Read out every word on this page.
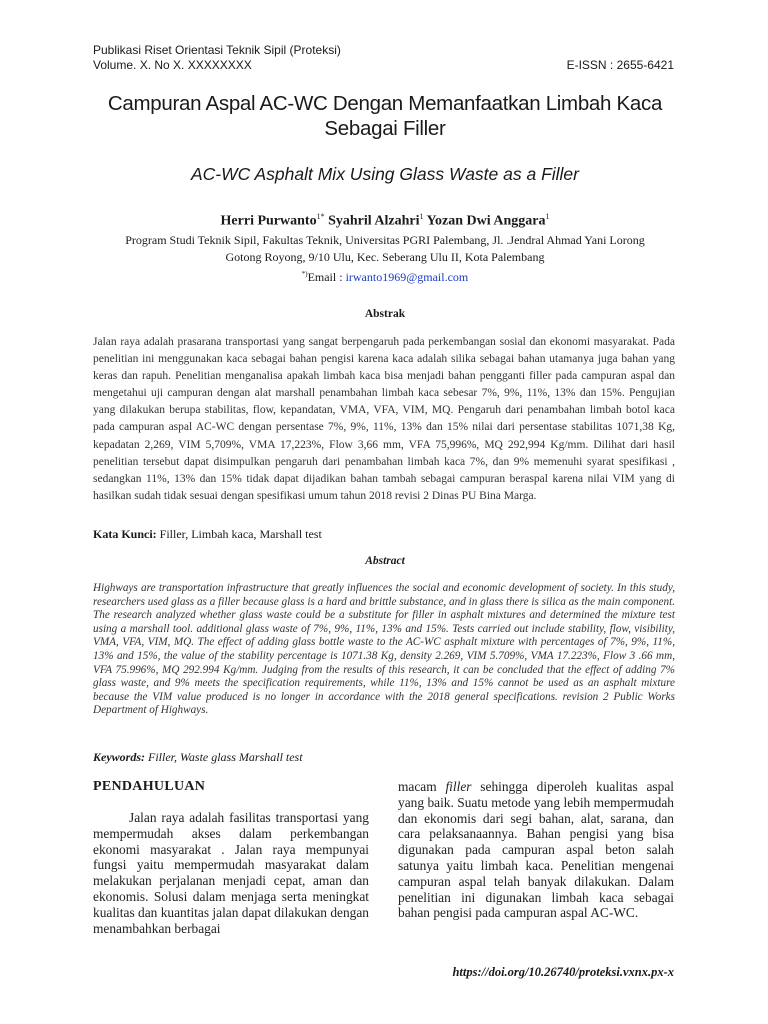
Publikasi Riset Orientasi Teknik Sipil (Proteksi)
Volume. X. No X. XXXXXXXX	E-ISSN : 2655-6421
Campuran Aspal AC-WC Dengan Memanfaatkan Limbah Kaca
Sebagai Filler
AC-WC Asphalt Mix Using Glass Waste as a Filler
Herri Purwanto$^{1*}$ Syahril Alzahri$^1$ Yozan Dwi Anggara$^1$
Program Studi Teknik Sipil, Fakultas Teknik, Universitas PGRI Palembang, Jl. .Jendral Ahmad Yani Lorong
Gotong Royong, 9/10 Ulu, Kec. Seberang Ulu II, Kota Palembang
*)Email : irwanto1969@gmail.com
Abstrak
Jalan raya adalah prasarana transportasi yang sangat berpengaruh pada perkembangan sosial dan ekonomi masyarakat. Pada penelitian ini menggunakan kaca sebagai bahan pengisi karena kaca adalah silika sebagai bahan utamanya juga bahan yang keras dan rapuh. Penelitian menganalisa apakah limbah kaca bisa menjadi bahan pengganti filler pada campuran aspal dan mengetahui uji campuran dengan alat marshall penambahan limbah kaca sebesar 7%, 9%, 11%, 13% dan 15%. Pengujian yang dilakukan berupa stabilitas, flow, kepandatan, VMA, VFA, VIM, MQ. Pengaruh dari penambahan limbah botol kaca pada campuran aspal AC-WC dengan persentase 7%, 9%, 11%, 13% dan 15% nilai dari persentase stabilitas 1071,38 Kg, kepadatan 2,269, VIM 5,709%, VMA 17,223%, Flow 3,66 mm, VFA 75,996%, MQ 292,994 Kg/mm. Dilihat dari hasil penelitian tersebut dapat disimpulkan pengaruh dari penambahan limbah kaca 7%, dan 9% memenuhi syarat spesifikasi , sedangkan 11%, 13% dan 15% tidak dapat dijadikan bahan tambah sebagai campuran beraspal karena nilai VIM yang di hasilkan sudah tidak sesuai dengan spesifikasi umum tahun 2018 revisi 2 Dinas PU Bina Marga.
Kata Kunci: Filler, Limbah kaca, Marshall test
Abstract
Highways are transportation infrastructure that greatly influences the social and economic development of society. In this study, researchers used glass as a filler because glass is a hard and brittle substance, and in glass there is silica as the main component. The research analyzed whether glass waste could be a substitute for filler in asphalt mixtures and determined the mixture test using a marshall tool. additional glass waste of 7%, 9%, 11%, 13% and 15%. Tests carried out include stability, flow, visibility, VMA, VFA, VIM, MQ. The effect of adding glass bottle waste to the AC-WC asphalt mixture with percentages of 7%, 9%, 11%, 13% and 15%, the value of the stability percentage is 1071.38 Kg, density 2.269, VIM 5.709%, VMA 17.223%, Flow 3 .66 mm, VFA 75.996%, MQ 292.994 Kg/mm. Judging from the results of this research, it can be concluded that the effect of adding 7% glass waste, and 9% meets the specification requirements, while 11%, 13% and 15% cannot be used as an asphalt mixture because the VIM value produced is no longer in accordance with the 2018 general specifications. revision 2 Public Works Department of Highways.
Keywords: Filler, Waste glass Marshall test
PENDAHULUAN
Jalan raya adalah fasilitas transportasi yang mempermudah akses dalam perkembangan ekonomi masyarakat . Jalan raya mempunyai fungsi yaitu mempermudah masyarakat dalam melakukan perjalanan menjadi cepat, aman dan ekonomis. Solusi dalam menjaga serta meningkat kualitas dan kuantitas jalan dapat dilakukan dengan menambahkan berbagai
macam filler sehingga diperoleh kualitas aspal yang baik. Suatu metode yang lebih mempermudah dan ekonomis dari segi bahan, alat, sarana, dan cara pelaksanaannya. Bahan pengisi yang bisa digunakan pada campuran aspal beton salah satunya yaitu limbah kaca. Penelitian mengenai campuran aspal telah banyak dilakukan. Dalam penelitian ini digunakan limbah kaca sebagai bahan pengisi pada campuran aspal AC-WC.
https://doi.org/10.26740/proteksi.vxnx.px-x
